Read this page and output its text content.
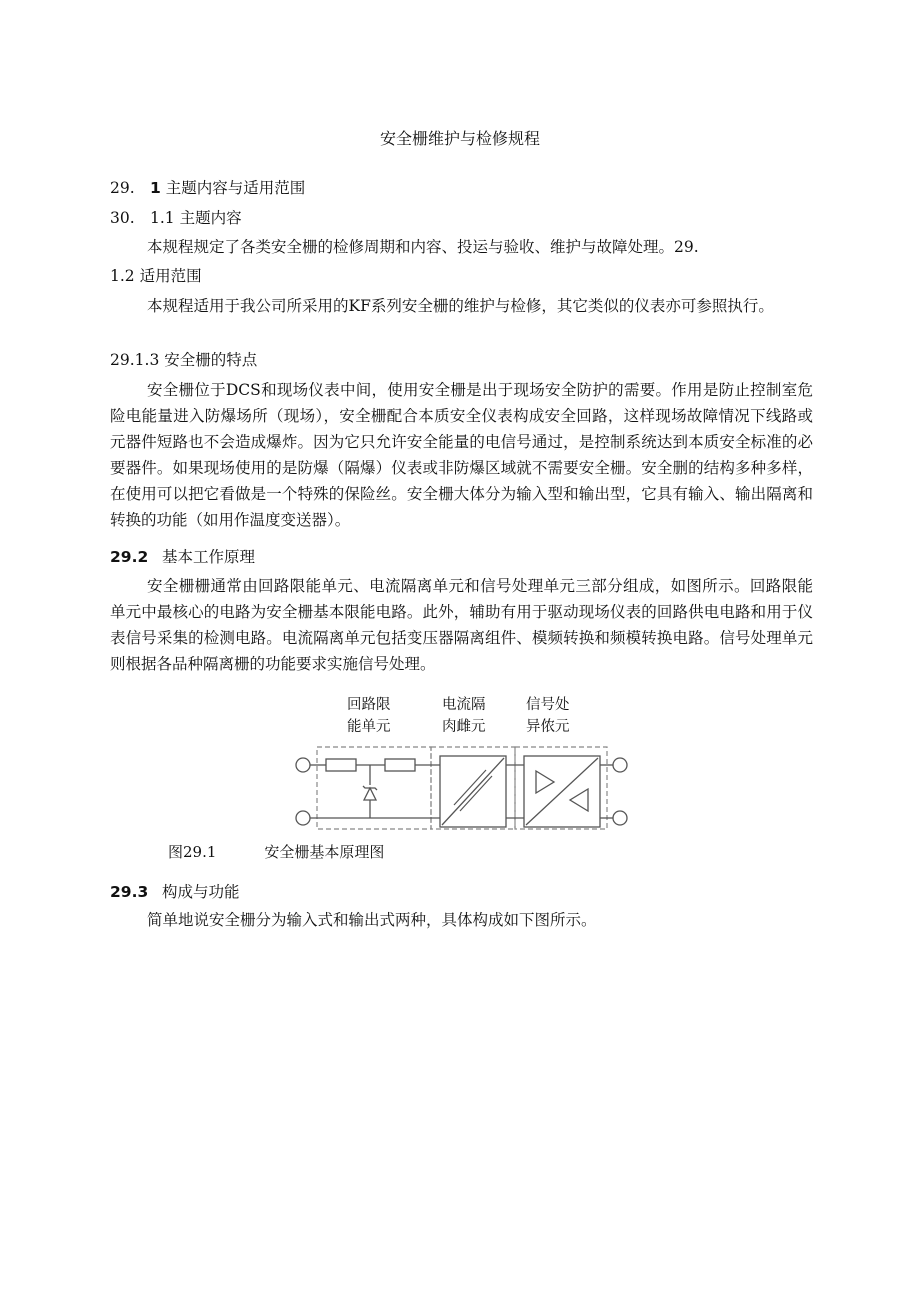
安全栅维护与检修规程
29. 1 主题内容与适用范围
30. 1.1 主题内容
本规程规定了各类安全栅的检修周期和内容、投运与验收、维护与故障处理。29.
1.2 适用范围
本规程适用于我公司所采用的KF系列安全栅的维护与检修，其它类似的仪表亦可参照执行。
29.1.3 安全栅的特点
安全栅位于DCS和现场仪表中间，使用安全栅是出于现场安全防护的需要。作用是防止控制室危险电能量进入防爆场所（现场），安全栅配合本质安全仪表构成安全回路，这样现场故障情况下线路或元器件短路也不会造成爆炸。因为它只允许安全能量的电信号通过，是控制系统达到本质安全标准的必要器件。如果现场使用的是防爆（隔爆）仪表或非防爆区域就不需要安全栅。安全删的结构多种多样，在使用可以把它看做是一个特殊的保险丝。安全栅大体分为输入型和输出型，它具有输入、输出隔离和转换的功能（如用作温度变送器）。
29.2 基本工作原理
安全栅栅通常由回路限能单元、电流隔离单元和信号处理单元三部分组成，如图所示。回路限能单元中最核心的电路为安全栅基本限能电路。此外，辅助有用于驱动现场仪表的回路供电电路和用于仪表信号采集的检测电路。电流隔离单元包括变压器隔离组件、模频转换和频模转换电路。信号处理单元则根据各品种隔离栅的功能要求实施信号处理。
回路限
能单元
电流隔
肉雌元
信号处
异侬元
图29.1	安全栅基本原理图
29.3 构成与功能
简单地说安全栅分为输入式和输出式两种，具体构成如下图所示。
